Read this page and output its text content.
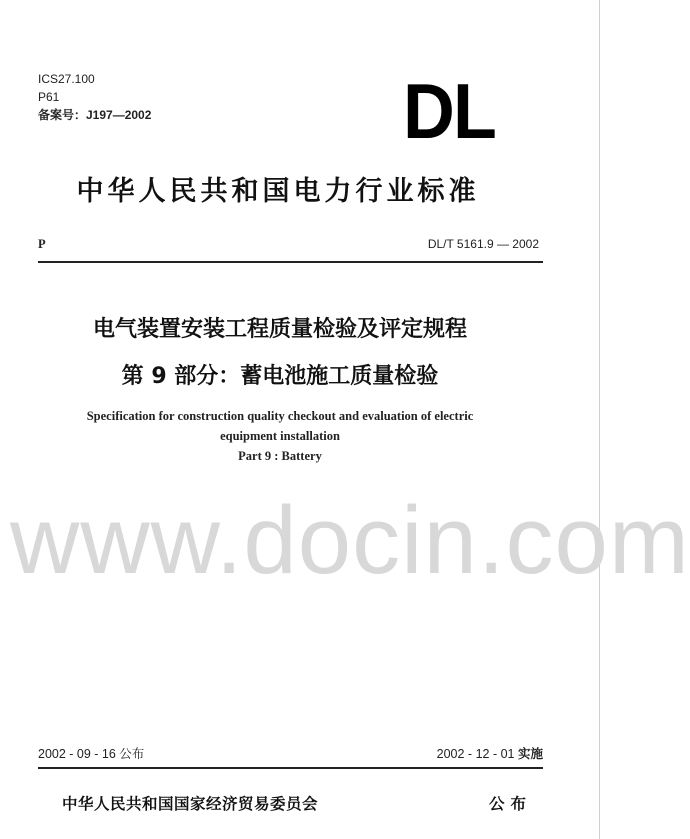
ICS27.100
P61
备案号：J197—2002	DL
中华人民共和国电力行业标准
P	DL/T 5161.9 — 2002
电气装置安装工程质量检验及评定规程
第 9 部分：蓄电池施工质量检验
Specification for construction quality checkout and evaluation of electric
equipment installation
Part 9 : Battery
www.docin.com
2002 - 09 - 16 公布	2002 - 12 - 01 实施
中华人民共和国国家经济贸易委员会	公布
